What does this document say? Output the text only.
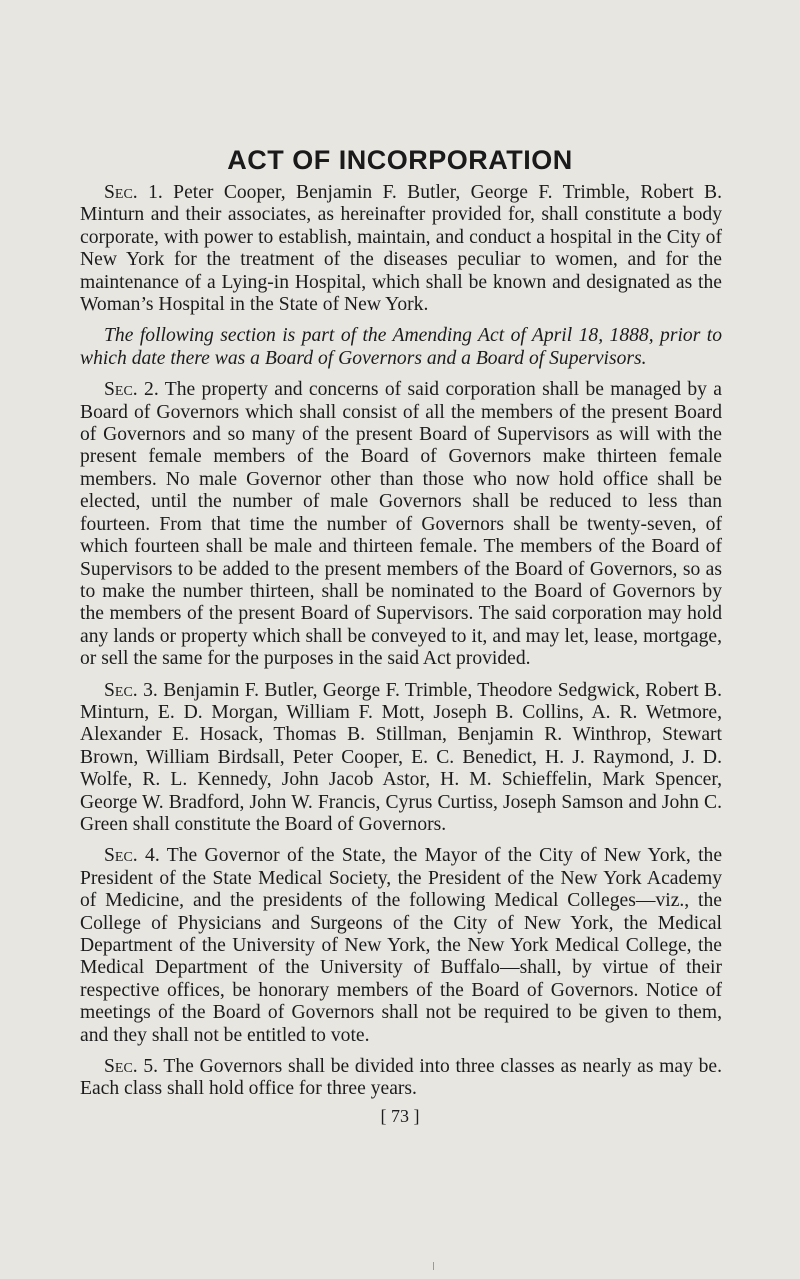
ACT OF INCORPORATION

Sec. 1. Peter Cooper, Benjamin F. Butler, George F. Trimble, Robert B. Minturn and their associates, as hereinafter provided for, shall constitute a body corporate, with power to establish, maintain, and conduct a hospital in the City of New York for the treatment of the diseases peculiar to women, and for the maintenance of a Lying-in Hospital, which shall be known and designated as the Woman’s Hospital in the State of New York.

The following section is part of the Amending Act of April 18, 1888, prior to which date there was a Board of Governors and a Board of Supervisors.

Sec. 2. The property and concerns of said corporation shall be managed by a Board of Governors which shall consist of all the members of the present Board of Governors and so many of the present Board of Supervisors as will with the present female members of the Board of Governors make thirteen female members. No male Governor other than those who now hold office shall be elected, until the number of male Governors shall be reduced to less than fourteen. From that time the number of Governors shall be twenty-seven, of which fourteen shall be male and thirteen female. The members of the Board of Supervisors to be added to the present members of the Board of Governors, so as to make the number thirteen, shall be nominated to the Board of Governors by the members of the present Board of Supervisors. The said corporation may hold any lands or property which shall be conveyed to it, and may let, lease, mortgage, or sell the same for the purposes in the said Act provided.

Sec. 3. Benjamin F. Butler, George F. Trimble, Theodore Sedgwick, Robert B. Minturn, E. D. Morgan, William F. Mott, Joseph B. Collins, A. R. Wetmore, Alexander E. Hosack, Thomas B. Stillman, Benjamin R. Winthrop, Stewart Brown, William Birdsall, Peter Cooper, E. C. Benedict, H. J. Raymond, J. D. Wolfe, R. L. Kennedy, John Jacob Astor, H. M. Schieffelin, Mark Spencer, George W. Bradford, John W. Francis, Cyrus Curtiss, Joseph Samson and John C. Green shall constitute the Board of Governors.

Sec. 4. The Governor of the State, the Mayor of the City of New York, the President of the State Medical Society, the President of the New York Academy of Medicine, and the presidents of the following Medical Colleges—viz., the College of Physicians and Surgeons of the City of New York, the Medical Department of the University of New York, the New York Medical College, the Medical Department of the University of Buffalo—shall, by virtue of their respective offices, be honorary members of the Board of Governors. Notice of meetings of the Board of Governors shall not be required to be given to them, and they shall not be entitled to vote.

Sec. 5. The Governors shall be divided into three classes as nearly as may be. Each class shall hold office for three years.

[ 73 ]
